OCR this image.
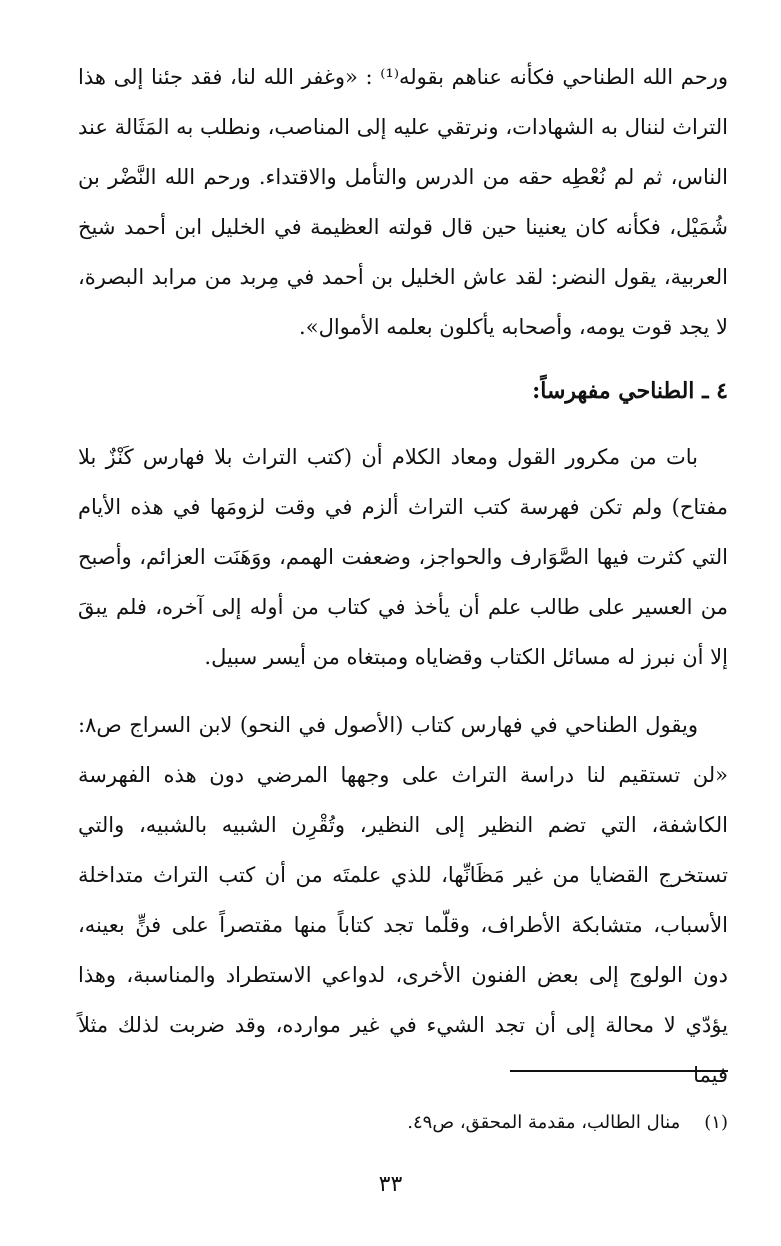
ورحم الله الطناحي فكأنه عناهم بقوله⁽¹⁾ : «وغفر الله لنا، فقد جئنا إلى هذا التراث لننال به الشهادات، ونرتقي عليه إلى المناصب، ونطلب به المَثَالة عند الناس، ثم لم نُعْطِه حقه من الدرس والتأمل والاقتداء. ورحم الله النَّضْر بن شُمَيْل، فكأنه كان يعنينا حين قال قولته العظيمة في الخليل ابن أحمد شيخ العربية، يقول النضر: لقد عاش الخليل بن أحمد في مِربد من مرابد البصرة، لا يجد قوت يومه، وأصحابه يأكلون بعلمه الأموال».

٤ ـ الطناحي مفهرساً:

بات من مكرور القول ومعاد الكلام أن (كتب التراث بلا فهارس كَنْزٌ بلا مفتاح) ولم تكن فهرسة كتب التراث ألزم في وقت لزومَها في هذه الأيام التي كثرت فيها الصَّوَارف والحواجز، وضعفت الهمم، ووَهَنَت العزائم، وأصبح من العسير على طالب علم أن يأخذ في كتاب من أوله إلى آخره، فلم يبقَ إلا أن نبرز له مسائل الكتاب وقضاياه ومبتغاه من أيسر سبيل.

ويقول الطناحي في فهارس كتاب (الأصول في النحو) لابن السراج ص٨: «لن تستقيم لنا دراسة التراث على وجهها المرضي دون هذه الفهرسة الكاشفة، التي تضم النظير إلى النظير، وتُقْرِن الشبيه بالشبيه، والتي تستخرج القضايا من غير مَظَانِّها، للذي علمتَه من أن كتب التراث متداخلة الأسباب، متشابكة الأطراف، وقلّما تجد كتاباً منها مقتصراً على فنٍّ بعينه، دون الولوج إلى بعض الفنون الأخرى، لدواعي الاستطراد والمناسبة، وهذا يؤدّي لا محالة إلى أن تجد الشيء في غير موارده، وقد ضربت لذلك مثلاً فيما

(١)منال الطالب، مقدمة المحقق، ص٤٩.
٣٣
